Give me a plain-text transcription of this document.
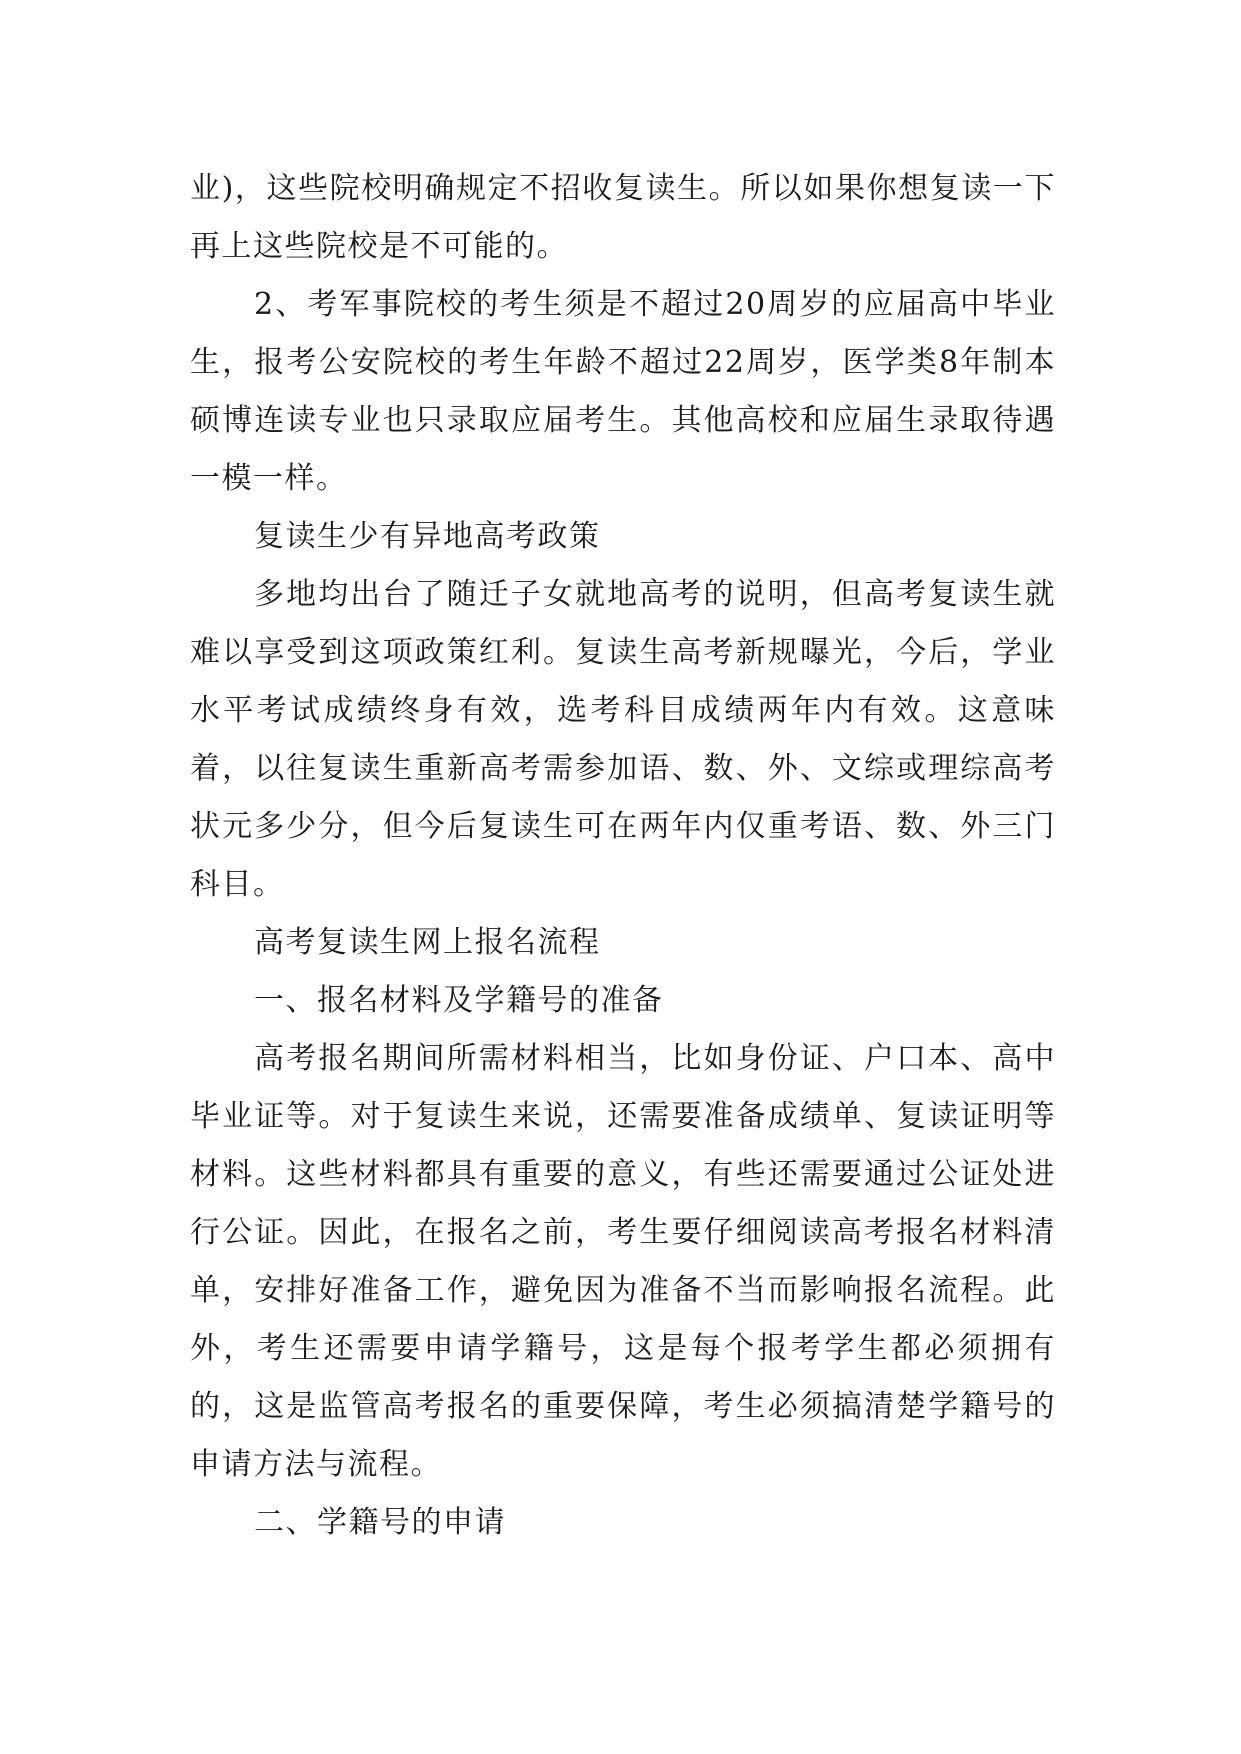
业)，这些院校明确规定不招收复读生。所以如果你想复读一下再上这些院校是不可能的。

2、考军事院校的考生须是不超过20周岁的应届高中毕业生，报考公安院校的考生年龄不超过22周岁，医学类8年制本硕博连读专业也只录取应届考生。其他高校和应届生录取待遇一模一样。

复读生少有异地高考政策

多地均出台了随迁子女就地高考的说明，但高考复读生就难以享受到这项政策红利。复读生高考新规曝光，今后，学业水平考试成绩终身有效，选考科目成绩两年内有效。这意味着，以往复读生重新高考需参加语、数、外、文综或理综高考状元多少分，但今后复读生可在两年内仅重考语、数、外三门科目。

高考复读生网上报名流程

一、报名材料及学籍号的准备

高考报名期间所需材料相当，比如身份证、户口本、高中毕业证等。对于复读生来说，还需要准备成绩单、复读证明等材料。这些材料都具有重要的意义，有些还需要通过公证处进行公证。因此，在报名之前，考生要仔细阅读高考报名材料清单，安排好准备工作，避免因为准备不当而影响报名流程。此外，考生还需要申请学籍号，这是每个报考学生都必须拥有的，这是监管高考报名的重要保障，考生必须搞清楚学籍号的申请方法与流程。

二、学籍号的申请
